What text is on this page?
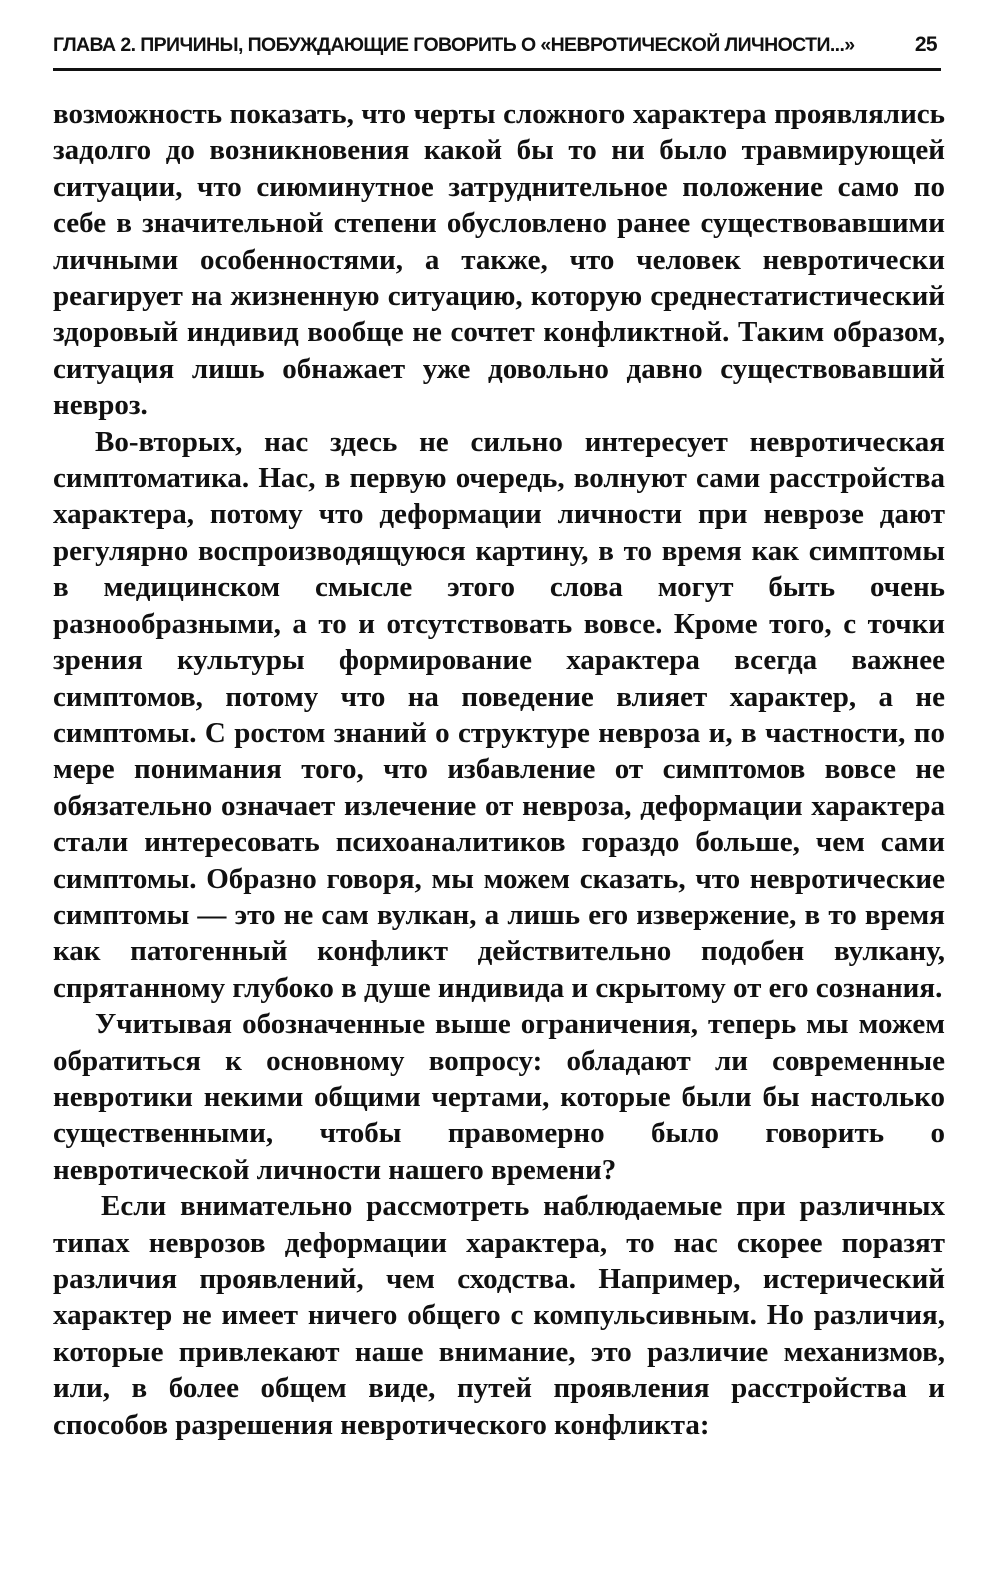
ГЛАВА 2. ПРИЧИНЫ, ПОБУЖДАЮЩИЕ ГОВОРИТЬ О «НЕВРОТИЧЕСКОЙ ЛИЧНОСТИ...»	25

возможность показать, что черты сложного характера проявлялись задолго до возникновения какой бы то ни было травмирующей ситуации, что сиюминутное затруднительное положение само по себе в значительной степени обусловлено ранее существовавшими личными особенностями, а также, что человек невротически реагирует на жизненную ситуацию, которую среднестатистический здоровый индивид вообще не сочтет конфликтной. Таким образом, ситуация лишь обнажает уже довольно давно существовавший невроз.

Во-вторых, нас здесь не сильно интересует невротическая симптоматика. Нас, в первую очередь, волнуют сами расстройства характера, потому что деформации личности при неврозе дают регулярно воспроизводящуюся картину, в то время как симптомы в медицинском смысле этого слова могут быть очень разнообразными, а то и отсутствовать вовсе. Кроме того, с точки зрения культуры формирование характера всегда важнее симптомов, потому что на поведение влияет характер, а не симптомы. С ростом знаний о структуре невроза и, в частности, по мере понимания того, что избавление от симптомов вовсе не обязательно означает излечение от невроза, деформации характера стали интересовать психоаналитиков гораздо больше, чем сами симптомы. Образно говоря, мы можем сказать, что невротические симптомы — это не сам вулкан, а лишь его извержение, в то время как патогенный конфликт действительно подобен вулкану, спрятанному глубоко в душе индивида и скрытому от его сознания.

Учитывая обозначенные выше ограничения, теперь мы можем обратиться к основному вопросу: обладают ли современные невротики некими общими чертами, которые были бы настолько существенными, чтобы правомерно было говорить о невротической личности нашего времени?

Если внимательно рассмотреть наблюдаемые при различных типах неврозов деформации характера, то нас скорее поразят различия проявлений, чем сходства. Например, истерический характер не имеет ничего общего с компульсивным. Но различия, которые привлекают наше внимание, это различие механизмов, или, в более общем виде, путей проявления расстройства и способов разрешения невротического конфликта:
